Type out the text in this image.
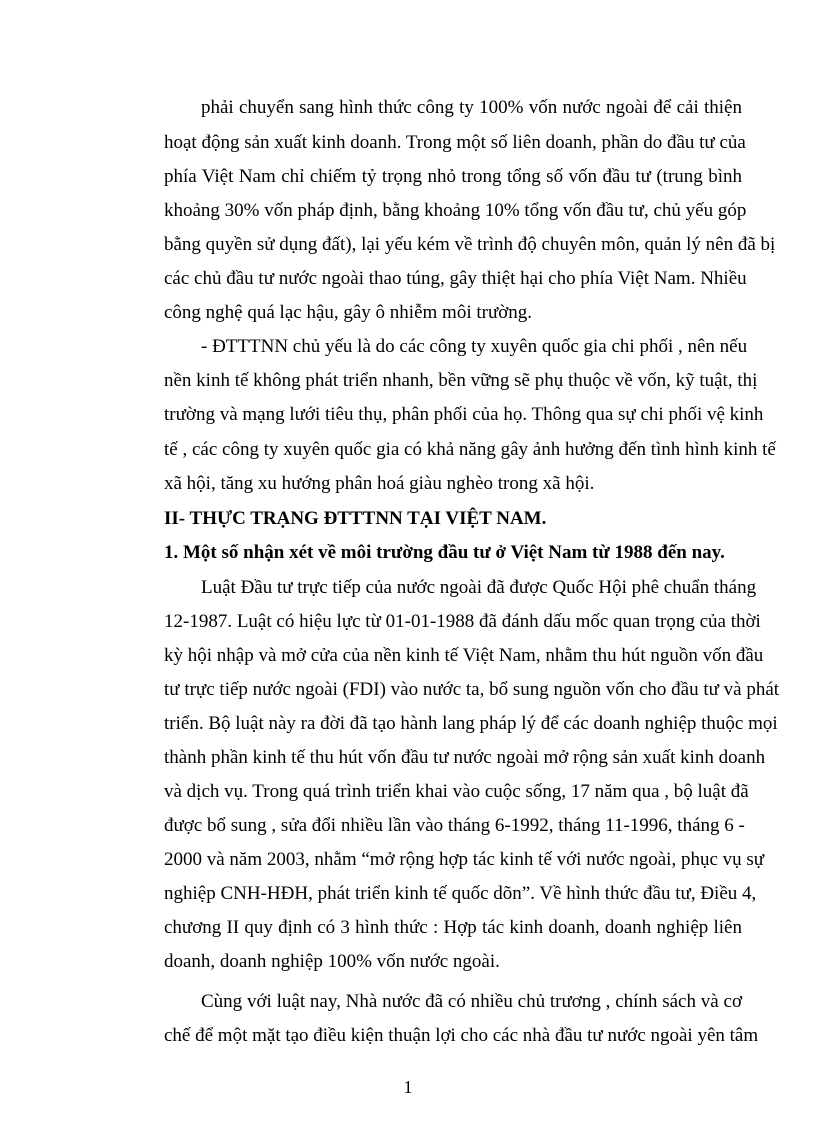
phải chuyển sang hình thức công ty 100% vốn nước ngoài để cải thiện
hoạt động sản xuất kinh doanh. Trong một số liên doanh, phần do đầu tư của
phía Việt Nam chỉ chiếm tỷ trọng nhỏ trong tổng số vốn đầu tư (trung bình
khoảng 30% vốn pháp định, bằng khoảng 10% tổng vốn đầu tư, chủ yếu góp
bằng quyền sử dụng đất), lại yếu kém về trình độ chuyên môn, quản lý nên đã bị
các chủ đầu tư nước ngoài thao túng, gây thiệt hại cho phía Việt Nam. Nhiều
công nghệ quá lạc hậu, gây ô nhiễm môi trường.
- ĐTTTNN chủ yếu là do các công ty xuyên quốc gia chi phối , nên nếu
nền kinh tế không phát triển nhanh, bền vững sẽ phụ thuộc về vốn, kỹ tuật, thị
trường và mạng lưới tiêu thụ, phân phối của họ. Thông qua sự chi phối vệ kinh
tế , các công ty xuyên quốc gia có khả năng gây ảnh hưởng đến tình hình kinh tế
xã hội, tăng xu hướng phân hoá giàu nghèo trong xã hội.
II- THỰC TRẠNG ĐTTTNN TẠI VIỆT NAM.
1. Một số nhận xét về môi trường đầu tư ở Việt Nam từ 1988 đến nay.
Luật Đầu tư trực tiếp của nước ngoài đã được Quốc Hội phê chuẩn tháng
12-1987. Luật có hiệu lực từ 01-01-1988 đã đánh dấu mốc quan trọng của thời
kỳ hội nhập và mở cửa của nền kinh tế Việt Nam, nhằm thu hút nguồn vốn đầu
tư trực tiếp nước ngoài (FDI) vào nước ta, bổ sung nguồn vốn cho đầu tư và phát
triển. Bộ luật này ra đời đã tạo hành lang pháp lý để các doanh nghiệp thuộc mọi
thành phần kinh tế thu hút vốn đầu tư nước ngoài mở rộng sản xuất kinh doanh
và dịch vụ. Trong quá trình triển khai vào cuộc sống, 17 năm qua , bộ luật đã
được bổ sung , sửa đổi nhiều lần vào tháng 6-1992, tháng 11-1996, tháng 6 -
2000 và năm 2003, nhằm “mở rộng hợp tác kinh tế với nước ngoài, phục vụ sự
nghiệp CNH-HĐH, phát triển kinh tế quốc dõn”. Về hình thức đầu tư, Điều 4,
chương II quy định có 3 hình thức : Hợp tác kinh doanh, doanh nghiệp liên
doanh, doanh nghiệp 100% vốn nước ngoài.
Cùng với luật nay, Nhà nước đã có nhiều chủ trương , chính sách và cơ
chế để một mặt tạo điều kiện thuận lợi cho các nhà đầu tư nước ngoài yên tâm
1
